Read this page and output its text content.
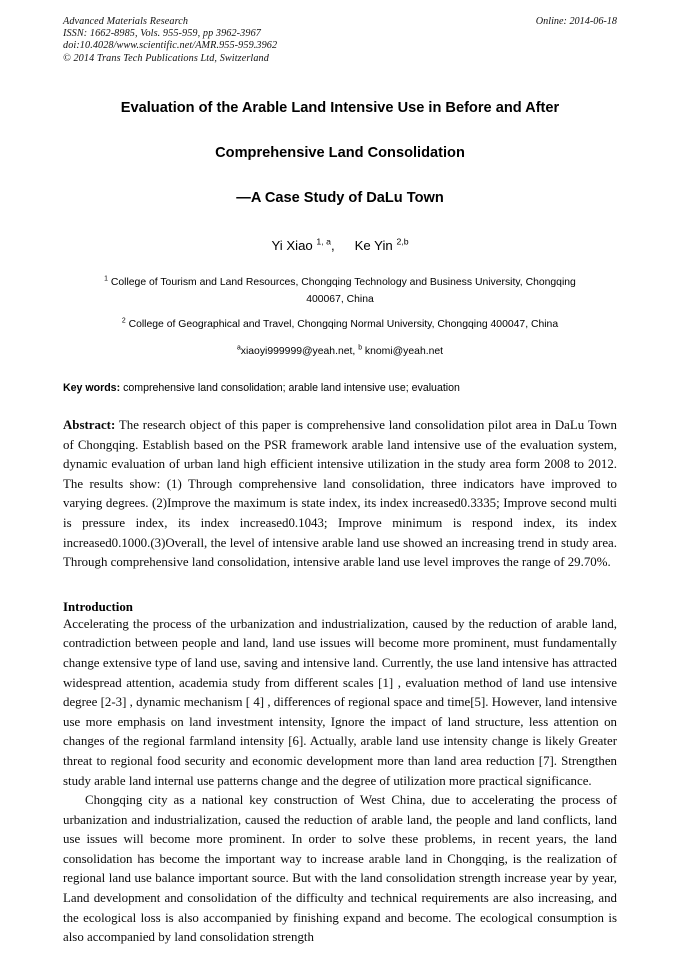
Advanced Materials Research
ISSN: 1662-8985, Vols. 955-959, pp 3962-3967
doi:10.4028/www.scientific.net/AMR.955-959.3962
© 2014 Trans Tech Publications Ltd, Switzerland
Online: 2014-06-18
Evaluation of the Arable Land Intensive Use in Before and After
Comprehensive Land Consolidation
—A Case Study of DaLu Town
Yi Xiao $^{1, a}$, Ke Yin $^{2,b}$
$^1$ College of Tourism and Land Resources, Chongqing Technology and Business University, Chongqing 400067, China
$^2$ College of Geographical and Travel, Chongqing Normal University, Chongqing 400047, China
$^a$xiaoyi999999@yeah.net, $^b$ knomi@yeah.net
Key words: comprehensive land consolidation; arable land intensive use; evaluation
Abstract: The research object of this paper is comprehensive land consolidation pilot area in DaLu Town of Chongqing. Establish based on the PSR framework arable land intensive use of the evaluation system, dynamic evaluation of urban land high efficient intensive utilization in the study area form 2008 to 2012. The results show: (1) Through comprehensive land consolidation, three indicators have improved to varying degrees. (2)Improve the maximum is state index, its index increased0.3335; Improve second multi is pressure index, its index increased0.1043; Improve minimum is respond index, its index increased0.1000.(3)Overall, the level of intensive arable land use showed an increasing trend in study area. Through comprehensive land consolidation, intensive arable land use level improves the range of 29.70%.
Introduction
Accelerating the process of the urbanization and industrialization, caused by the reduction of arable land, contradiction between people and land, land use issues will become more prominent, must fundamentally change extensive type of land use, saving and intensive land. Currently, the use land intensive has attracted widespread attention, academia study from different scales [1] , evaluation method of land use intensive degree [2-3] , dynamic mechanism [ 4] , differences of regional space and time[5]. However, land intensive use more emphasis on land investment intensity, Ignore the impact of land structure, less attention on changes of the regional farmland intensity [6]. Actually, arable land use intensity change is likely Greater threat to regional food security and economic development more than land area reduction [7]. Strengthen study arable land internal use patterns change and the degree of utilization more practical significance.
Chongqing city as a national key construction of West China, due to accelerating the process of urbanization and industrialization, caused the reduction of arable land, the people and land conflicts, land use issues will become more prominent. In order to solve these problems, in recent years, the land consolidation has become the important way to increase arable land in Chongqing, is the realization of regional land use balance important source. But with the land consolidation strength increase year by year, Land development and consolidation of the difficulty and technical requirements are also increasing, and the ecological loss is also accompanied by finishing expand and become. The ecological consumption is also accompanied by land consolidation strength
